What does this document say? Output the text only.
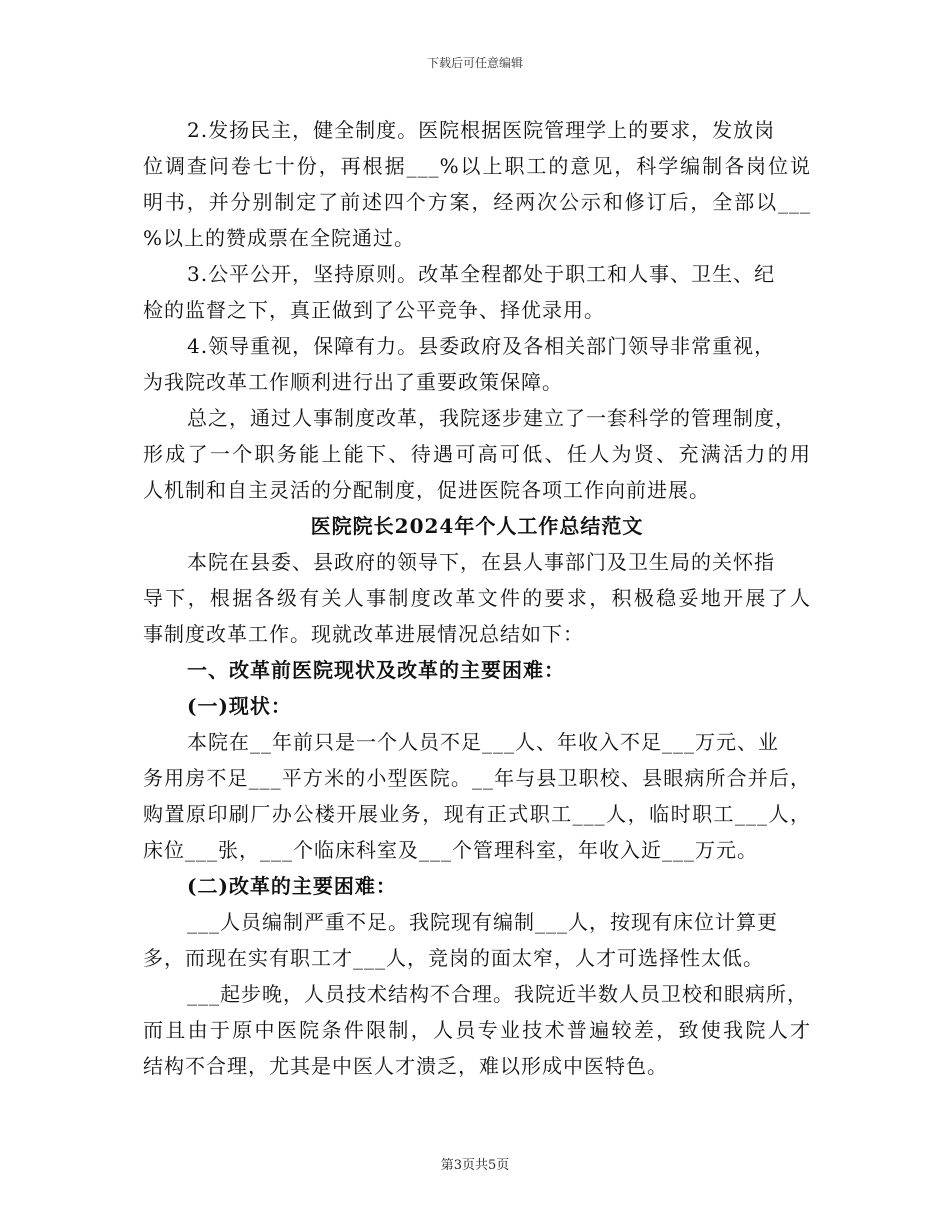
下载后可任意编辑
2.发扬民主，健全制度。医院根据医院管理学上的要求，发放岗
位调查问卷七十份，再根据___%以上职工的意见，科学编制各岗位说
明书，并分别制定了前述四个方案，经两次公示和修订后，全部以___
%以上的赞成票在全院通过。
3.公平公开，坚持原则。改革全程都处于职工和人事、卫生、纪
检的监督之下，真正做到了公平竞争、择优录用。
4.领导重视，保障有力。县委政府及各相关部门领导非常重视，
为我院改革工作顺利进行出了重要政策保障。
总之，通过人事制度改革，我院逐步建立了一套科学的管理制度，
形成了一个职务能上能下、待遇可高可低、任人为贤、充满活力的用
人机制和自主灵活的分配制度，促进医院各项工作向前进展。
医院院长2024年个人工作总结范文
本院在县委、县政府的领导下，在县人事部门及卫生局的关怀指
导下，根据各级有关人事制度改革文件的要求，积极稳妥地开展了人
事制度改革工作。现就改革进展情况总结如下：
一、改革前医院现状及改革的主要困难：
(一)现状：
本院在__年前只是一个人员不足___人、年收入不足___万元、业
务用房不足___平方米的小型医院。__年与县卫职校、县眼病所合并后，
购置原印刷厂办公楼开展业务，现有正式职工___人，临时职工___人，
床位___张，___个临床科室及___个管理科室，年收入近___万元。
(二)改革的主要困难：
___人员编制严重不足。我院现有编制___人，按现有床位计算更
多，而现在实有职工才___人，竞岗的面太窄，人才可选择性太低。
___起步晚，人员技术结构不合理。我院近半数人员卫校和眼病所，
而且由于原中医院条件限制，人员专业技术普遍较差，致使我院人才
结构不合理，尤其是中医人才溃乏，难以形成中医特色。
第3页共5页
